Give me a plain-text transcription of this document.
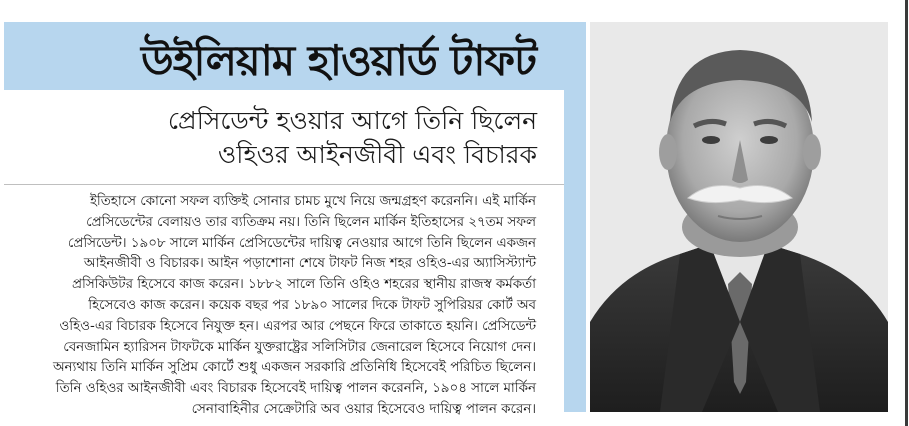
উইলিয়াম হাওয়ার্ড টাফট
প্রেসিডেন্ট হওয়ার আগে তিনি ছিলেন
ওহিওর আইনজীবী এবং বিচারক
ইতিহাসে কোনো সফল ব্যক্তিই সোনার চামচ মুখে নিয়ে জন্মগ্রহণ করেননি। এই মার্কিন
প্রেসিডেন্টের বেলায়ও তার ব্যতিক্রম নয়। তিনি ছিলেন মার্কিন ইতিহাসের ২৭তম সফল
প্রেসিডেন্ট। ১৯০৮ সালে মার্কিন প্রেসিডেন্টের দায়িত্ব নেওয়ার আগে তিনি ছিলেন একজন
আইনজীবী ও বিচারক। আইন পড়াশোনা শেষে টাফট নিজ শহর ওহিও-এর অ্যাসিস্ট্যান্ট
প্রসিকিউটর হিসেবে কাজ করেন। ১৮৮২ সালে তিনি ওহিও শহরের স্থানীয় রাজস্ব কর্মকর্তা
হিসেবেও কাজ করেন। কয়েক বছর পর ১৮৯০ সালের দিকে টাফট সুপিরিয়র কোর্ট অব
ওহিও-এর বিচারক হিসেবে নিযুক্ত হন। এরপর আর পেছনে ফিরে তাকাতে হয়নি। প্রেসিডেন্ট
বেনজামিন হ্যারিসন টাফটকে মার্কিন যুক্তরাষ্ট্রের সলিসিটার জেনারেল হিসেবে নিয়োগ দেন।
অন্যথায় তিনি মার্কিন সুপ্রিম কোর্টে শুধু একজন সরকারি প্রতিনিধি হিসেবেই পরিচিত ছিলেন।
তিনি ওহিওর আইনজীবী এবং বিচারক হিসেবেই দায়িত্ব পালন করেননি, ১৯০৪ সালে মার্কিন
সেনাবাহিনীর সেক্রেটারি অব ওয়ার হিসেবেও দায়িত্ব পালন করেন।
